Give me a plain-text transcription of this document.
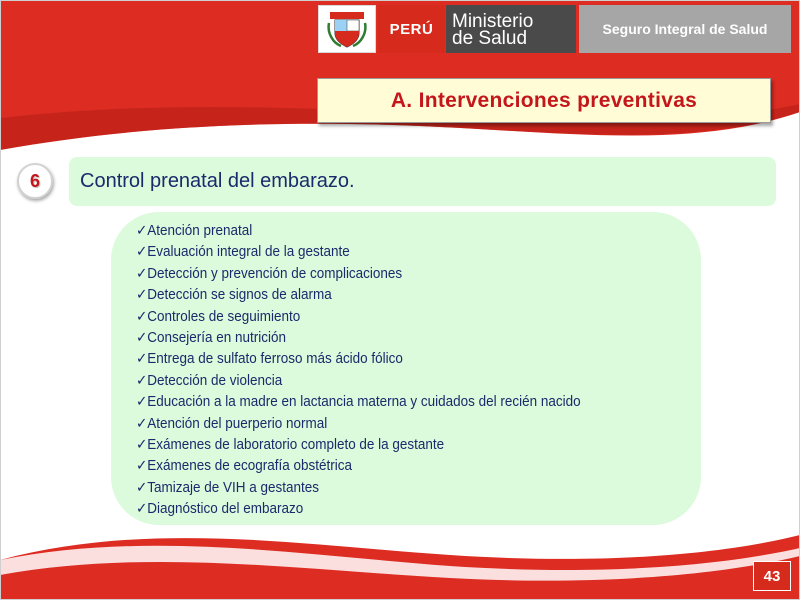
PERÚ Ministerio
de Salud	Seguro Integral de Salud
A. Intervenciones preventivas
6	Control prenatal del embarazo.
✓Atención prenatal
✓Evaluación integral de la gestante
✓Detección y prevención de complicaciones
✓Detección se signos de alarma
✓Controles de seguimiento
✓Consejería en nutrición
✓Entrega de sulfato ferroso más ácido fólico
✓Detección de violencia
✓Educación a la madre en lactancia materna y cuidados del recién nacido
✓Atención del puerperio normal
✓Exámenes de laboratorio completo de la gestante
✓Exámenes de ecografía obstétrica
✓Tamizaje de VIH a gestantes
✓Diagnóstico del embarazo
43
